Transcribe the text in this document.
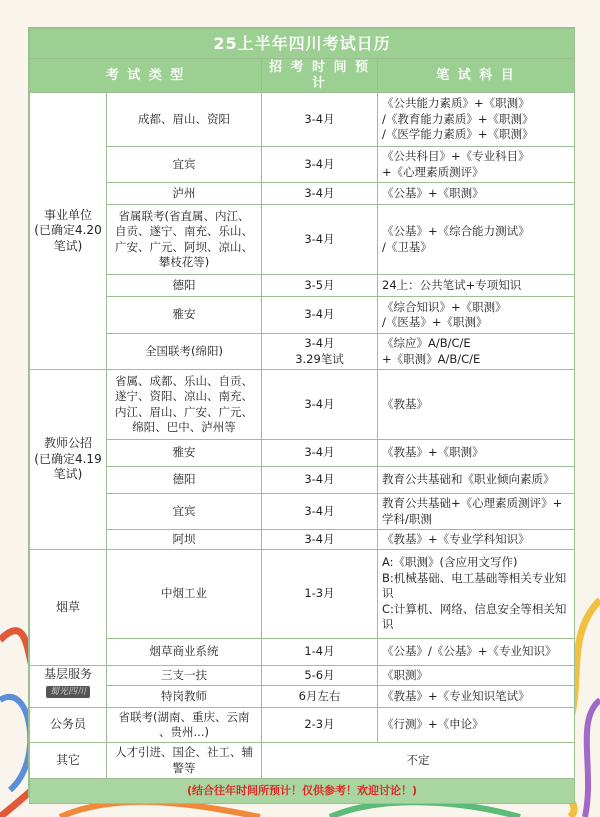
25上半年四川考试日历			
考 试 类 型		招 考 时 间 预 计	笔 试 科 目

事业单位
(已确定4.20
笔试)	成都、眉山、资阳	3-4月	《公共能力素质》+《职测》
/《教育能力素质》+《职测》
/《医学能力素质》+《职测》

	宜宾	3-4月	《公共科目》+《专业科目》
+《心理素质测评》

	泸州	3-4月	《公基》+《职测》

	省属联考(省直属、内江、
自贡、遂宁、南充、乐山、
广安、广元、阿坝、凉山、
攀枝花等)	3-4月	《公基》+《综合能力测试》
/《卫基》

	德阳	3-5月	24上：公共笔试+专项知识
	雅安	3-4月	《综合知识》+《职测》
/《医基》+《职测》

	全国联考(绵阳)	3-4月
3.29笔试	《综应》A/B/C/E
+《职测》A/B/C/E

教师公招
(已确定4.19
笔试)	省属、成都、乐山、自贡、
遂宁、资阳、凉山、南充、
内江、眉山、广安、广元、
绵阳、巴中、泸州等	3-4月	《教基》
	雅安	3-4月	《教基》+《职测》
	德阳	3-4月	教育公共基础和《职业倾向素质》
	宜宾	3-4月	教育公共基础+《心理素质测评》+
学科/职测

	阿坝	3-4月	《教基》+《专业学科知识》
烟草	中烟工业	1-3月	A:《职测》(含应用文写作)
B:机械基础、电工基础等相关专业知识
C:计算机、网络、信息安全等相关知识

	烟草商业系统	1-4月	《公基》/《公基》+《专业知识》

基层服务
蜀光四川	三支一扶	5-6月	《职测》
	特岗教师	6月左右	《教基》+《专业知识笔试》
公务员	省联考(湖南、重庆、云南
、贵州...)	2-3月	《行测》+《申论》
其它	人才引进、国企、社工、辅
警等	不定	
(结合往年时间所预计！仅供参考！欢迎讨论！)			
